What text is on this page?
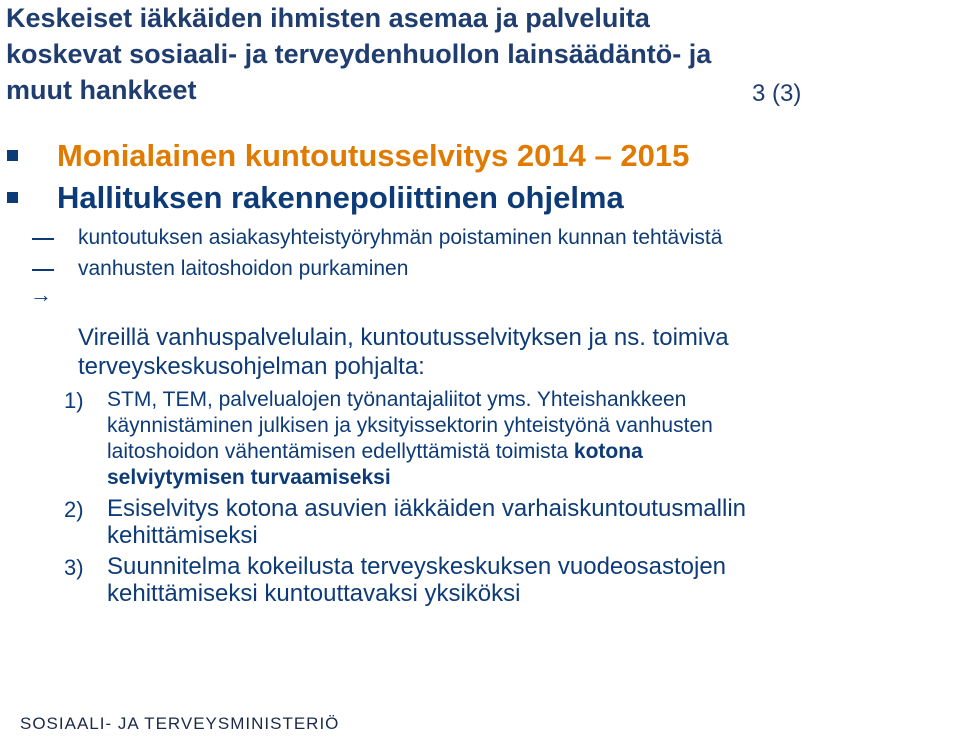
Keskeiset iäkkäiden ihmisten asemaa ja palveluita
koskevat sosiaali- ja terveydenhuollon lainsäädäntö- ja
muut hankkeet	3 (3)
Monialainen kuntoutusselvitys 2014 – 2015
Hallituksen rakennepoliittinen ohjelma
kuntoutuksen asiakasyhteistyöryhmän poistaminen kunnan tehtävistä
vanhusten laitoshoidon purkaminen
→
Vireillä vanhuspalvelulain, kuntoutusselvityksen ja ns. toimiva
terveyskeskusohjelman pohjalta:
1) STM, TEM, palvelualojen työnantajaliitot yms. Yhteishankkeen
käynnistäminen julkisen ja yksityissektorin yhteistyönä vanhusten
laitoshoidon vähentämisen edellyttämistä toimista kotona
selviytymisen turvaamiseksi
2) Esiselvitys kotona asuvien iäkkäiden varhaiskuntoutusmallin
kehittämiseksi
3) Suunnitelma kokeilusta terveyskeskuksen vuodeosastojen
kehittämiseksi kuntouttavaksi yksiköksi
SOSIAALI- JA TERVEYSMINISTERIÖ
